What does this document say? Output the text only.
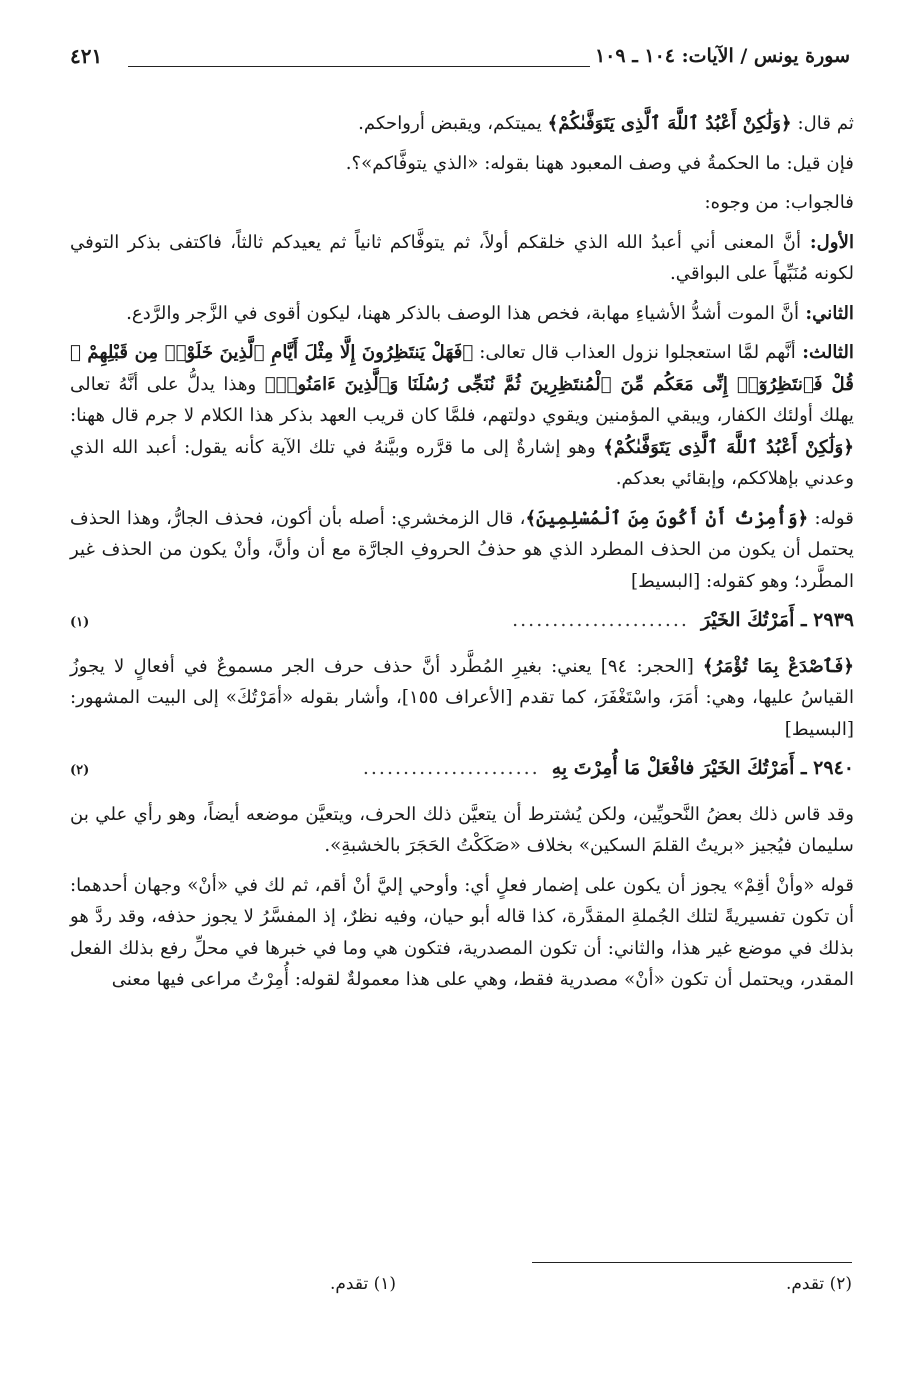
سورة يونس / الآيات: ١٠٤ ـ ١٠٩
٤٢١

ثم قال: ﴿وَلَٰكِنْ أَعْبُدُ ٱللَّهَ ٱلَّذِى يَتَوَفَّىٰكُمْ﴾ يميتكم، ويقبض أرواحكم.

فإن قيل: ما الحكمةُ في وصف المعبود ههنا بقوله: «الذي يتوفَّاكم»؟.

فالجواب: من وجوه:

الأول: أنَّ المعنى أني أعبدُ الله الذي خلقكم أولاً، ثم يتوفَّاكم ثانياً ثم يعيدكم ثالثاً، فاكتفى بذكر التوفي لكونه مُنَبِّهاً على البواقي.

الثاني: أنَّ الموت أشدُّ الأشياءِ مهابة، فخص هذا الوصف بالذكر ههنا، ليكون أقوى في الزَّجر والرَّدع.

الثالث: أنَّهم لمَّا استعجلوا نزول العذاب قال تعالى: ﴿فَهَلْ يَنتَظِرُونَ إِلَّا مِثْلَ أَيَّامِ ٱلَّذِينَ خَلَوْا۟ مِن قَبْلِهِمْ ۚ قُلْ فَٱنتَظِرُوٓا۟ إِنِّى مَعَكُم مِّنَ ٱلْمُنتَظِرِينَ ثُمَّ نُنَجِّى رُسُلَنَا وَٱلَّذِينَ ءَامَنُوا۟﴾ وهذا يدلُّ على أنَّهُ تعالى يهلك أولئك الكفار، ويبقي المؤمنين ويقوي دولتهم، فلمَّا كان قريب العهد بذكر هذا الكلام لا جرم قال ههنا: ﴿وَلَٰكِنْ أَعْبُدُ ٱللَّهَ ٱلَّذِى يَتَوَفَّىٰكُمْ﴾ وهو إشارةٌ إلى ما قرَّره وبيَّنهُ في تلك الآية كأنه يقول: أعبد الله الذي وعدني بإهلاككم، وإبقائي بعدكم.

قوله: ﴿وَأُمِرْتُ أَنْ أَكُونَ مِنَ ٱلْمُسْلِمِينَ﴾، قال الزمخشري: أصله بأن أكون، فحذف الجارُّ، وهذا الحذف يحتمل أن يكون من الحذف المطرد الذي هو حذفُ الحروفِ الجارَّة مع أن وأنَّ، وأنْ يكون من الحذف غير المطَّرد؛ وهو كقوله: [البسيط]

٢٩٣٩ ـ أَمَرْتُكَ الخَيْرَ
......................
(١)

﴿فَٱصْدَعْ بِمَا تُؤْمَرُ﴾ [الحجر: ٩٤] يعني: بغيرِ المُطَّرد أنَّ حذف حرف الجر مسموعٌ في أفعالٍ لا يجوزُ القياسُ عليها، وهي: أمَرَ، واسْتَغْفَرَ، كما تقدم [الأعراف ١٥٥]، وأشار بقوله «أمَرْتُكَ» إلى البيت المشهور: [البسيط]

٢٩٤٠ ـ أَمَرْتُكَ الخَيْرَ فافْعَلْ مَا أُمِرْتَ بِهِ
......................
(٢)

وقد قاس ذلك بعضُ النَّحويِّين، ولكن يُشترط أن يتعيَّن ذلك الحرف، ويتعيَّن موضعه أيضاً، وهو رأي علي بن سليمان فيُجيز «بريتُ القلمَ السكين» بخلاف «صَكَكْتُ الحَجَرَ بالخشبةِ».

قوله «وأنْ أقِمْ» يجوز أن يكون على إضمار فعلٍ أي: وأوحي إليَّ أنْ أقم، ثم لك في «أنْ» وجهان أحدهما: أن تكون تفسيريةً لتلك الجُملةِ المقدَّرة، كذا قاله أبو حيان، وفيه نظرٌ، إذ المفسَّرُ لا يجوز حذفه، وقد ردَّ هو بذلك في موضع غير هذا، والثاني: أن تكون المصدرية، فتكون هي وما في خبرها في محلِّ رفع بذلك الفعل المقدر، ويحتمل أن تكون «أنْ» مصدرية فقط، وهي على هذا معمولةٌ لقوله: أُمِرْتُ مراعى فيها معنى

(٢) تقدم.
(١) تقدم.
